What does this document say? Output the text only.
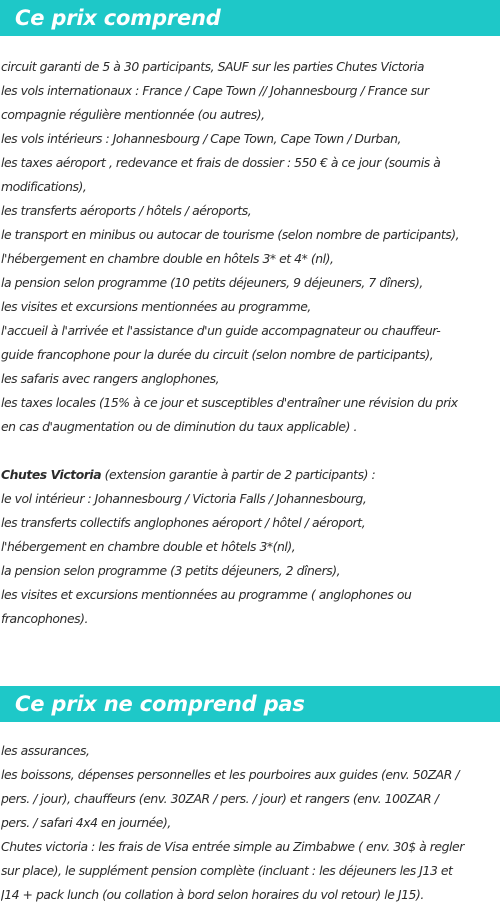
Ce prix comprend

circuit garanti de 5 à 30 participants, SAUF sur les parties Chutes Victoria

les vols internationaux : France / Cape Town // Johannesbourg / France sur

compagnie régulière mentionnée (ou autres),

les vols intérieurs : Johannesbourg / Cape Town, Cape Town / Durban,

les taxes aéroport , redevance et frais de dossier : 550 € à ce jour (soumis à

modifications),

les transferts aéroports / hôtels / aéroports,

le transport en minibus ou autocar de tourisme (selon nombre de participants),

l'hébergement en chambre double en hôtels 3* et 4* (nl),

la pension selon programme (10 petits déjeuners, 9 déjeuners, 7 dîners),

les visites et excursions mentionnées au programme,

l'accueil à l'arrivée et l'assistance d'un guide accompagnateur ou chauffeur-

guide francophone pour la durée du circuit (selon nombre de participants),

les safaris avec rangers anglophones,

les taxes locales (15% à ce jour et susceptibles d'entraîner une révision du prix

en cas d'augmentation ou de diminution du taux applicable) .

Chutes Victoria (extension garantie à partir de 2 participants) :

le vol intérieur : Johannesbourg / Victoria Falls / Johannesbourg,

les transferts collectifs anglophones aéroport / hôtel / aéroport,

l'hébergement en chambre double et hôtels 3*(nl),

la pension selon programme (3 petits déjeuners, 2 dîners),

les visites et excursions mentionnées au programme ( anglophones ou

francophones).

Ce prix ne comprend pas

les assurances,

les boissons, dépenses personnelles et les pourboires aux guides (env. 50ZAR /

pers. / jour), chauffeurs (env. 30ZAR / pers. / jour) et rangers (env. 100ZAR /

pers. / safari 4x4 en journée),

Chutes victoria : les frais de Visa entrée simple au Zimbabwe ( env. 30$ à regler

sur place), le supplément pension complète (incluant : les déjeuners les J13 et

J14 + pack lunch (ou collation à bord selon horaires du vol retour) le J15).
